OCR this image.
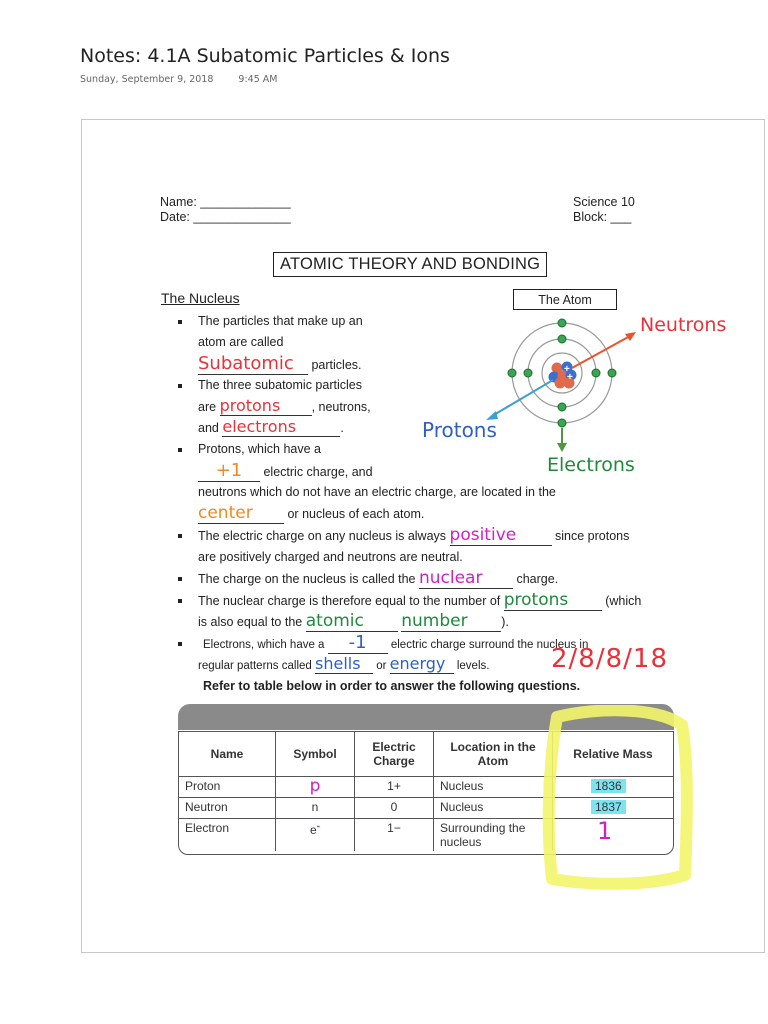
Notes: 4.1A Subatomic Particles & Ions
Sunday, September 9, 2018	9:45 AM
Name: _____________
Date: ______________
Science 10
Block: ___
ATOMIC THEORY AND BONDING
The Nucleus	The Atom
+
+
Neutrons
Protons
Electrons
The particles that make up an
atom are called
Subatomic particles.
The three subatomic particles
are protons	, neutrons,
and electrons	.
Protons, which have a
+1 electric charge, and
neutrons which do not have an electric charge, are located in the
center	or nucleus of each atom.
The electric charge on any nucleus is always positive	since protons
are positively charged and neutrons are neutral.
The charge on the nucleus is called the nuclear	charge.
The nuclear charge is therefore equal to the number of protons	(which
is also equal to the atomic number	).
Electrons, which have a -1 electric charge surround the nucleus in
regular patterns called shells or energy levels. 2/8/8/18
Refer to table below in order to answer the following questions.
Name	Symbol	Electric Charge	Location in the Atom	Relative Mass
Proton	p	1+	Nucleus	1836
Neutron	n	0	Nucleus	1837
Electron	e-	1−	Surrounding the nucleus	1
